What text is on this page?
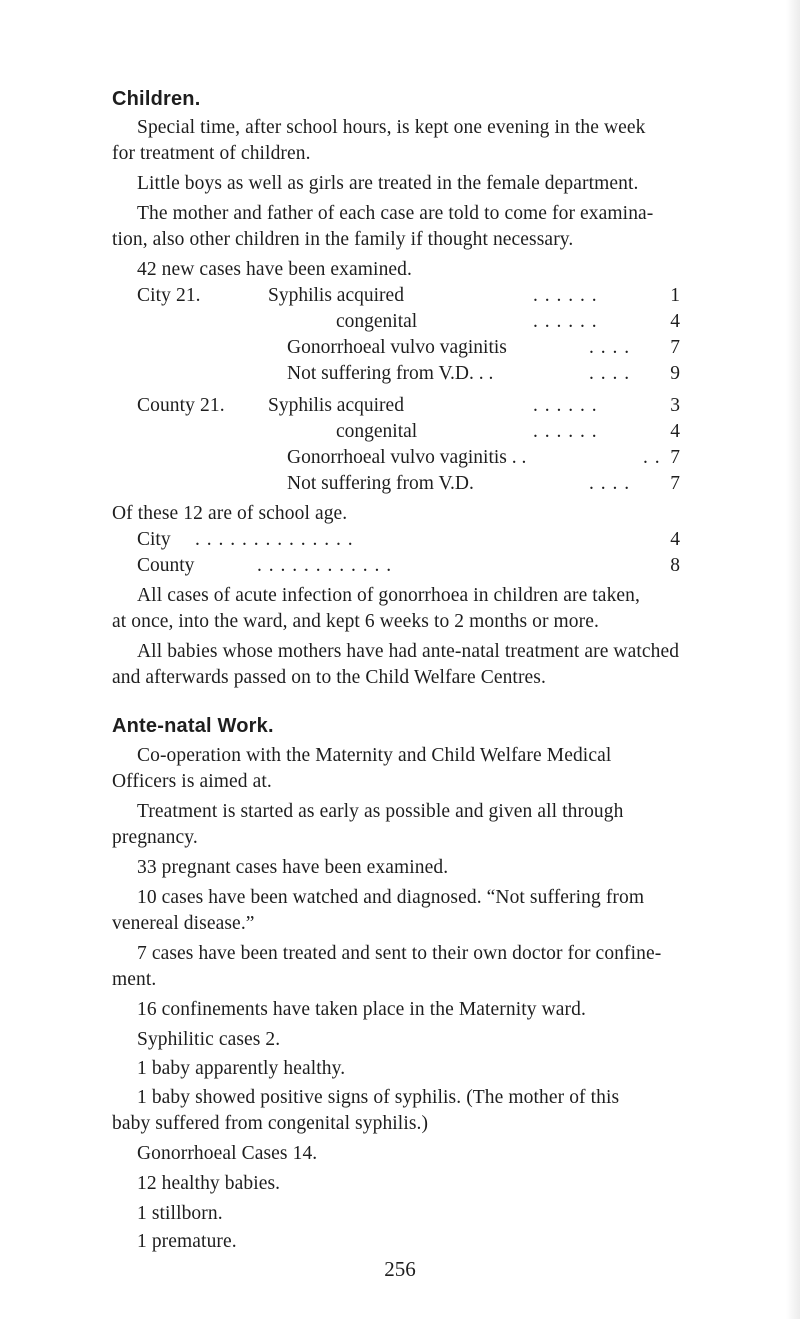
Children.
Special time, after school hours, is kept one evening in the week
for treatment of children.
Little boys as well as girls are treated in the female department.
The mother and father of each case are told to come for examina-
tion, also other children in the family if thought necessary.
42 new cases have been examined.
City 21.	Syphilis acquired	. . . . . .	1
congenital	. . . . . .	4
Gonorrhoeal vulvo vaginitis	. . . .	7
Not suffering from V.D. . .	. . . .	9
County 21. Syphilis acquired	. . . . . .	3
congenital	. . . . . .	4
Gonorrhoeal vulvo vaginitis . .	. . 7
Not suffering from V.D.	. . . .	7
Of these 12 are of school age.
City . . . . . . . . . . . . . .	4
County	. . . . . . . . . . . .	8
All cases of acute infection of gonorrhoea in children are taken,
at once, into the ward, and kept 6 weeks to 2 months or more.
All babies whose mothers have had ante-natal treatment are watched
and afterwards passed on to the Child Welfare Centres.
Ante-natal Work.
Co-operation with the Maternity and Child Welfare Medical
Officers is aimed at.
Treatment is started as early as possible and given all through
pregnancy.
33 pregnant cases have been examined.
10 cases have been watched and diagnosed. “Not suffering from
venereal disease.”
7 cases have been treated and sent to their own doctor for confine-
ment.
16 confinements have taken place in the Maternity ward.
Syphilitic cases 2.
1 baby apparently healthy.
1 baby showed positive signs of syphilis. (The mother of this
baby suffered from congenital syphilis.)
Gonorrhoeal Cases 14.
12 healthy babies.
1 stillborn.
1 premature.
256
